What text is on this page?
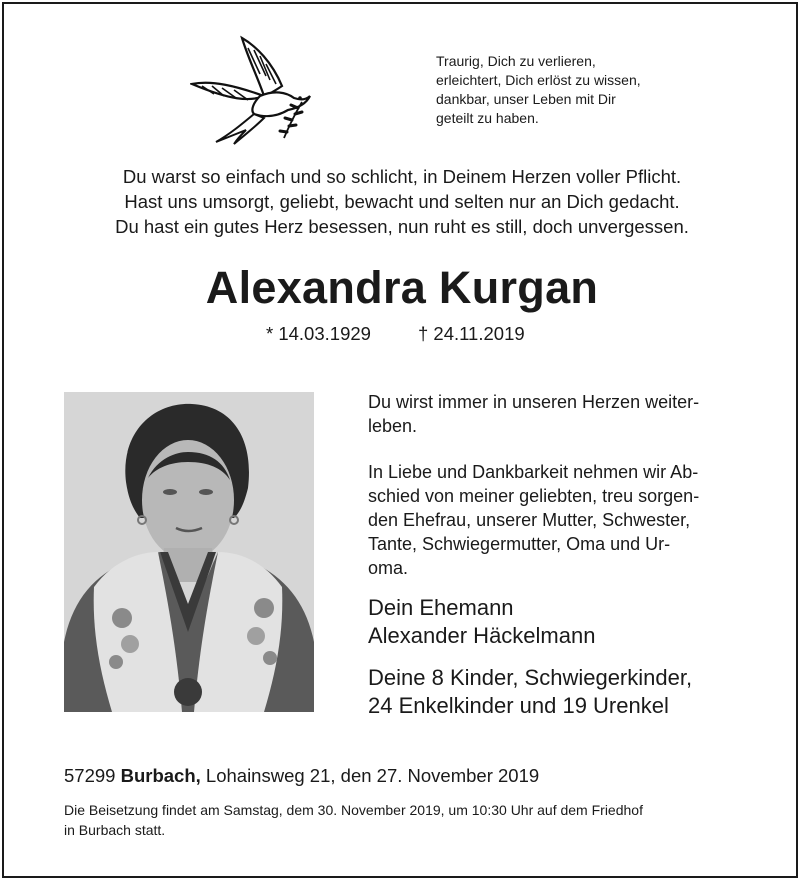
Traurig, Dich zu verlieren,
erleichtert, Dich erlöst zu wissen,
dankbar, unser Leben mit Dir
geteilt zu haben.
Du warst so einfach und so schlicht, in Deinem Herzen voller Pflicht.
Hast uns umsorgt, geliebt, bewacht und selten nur an Dich gedacht.
Du hast ein gutes Herz besessen, nun ruht es still, doch unvergessen.
Alexandra Kurgan
* 14.03.1929	† 24.11.2019
Du wirst immer in unseren Herzen weiter-
leben.
In Liebe und Dankbarkeit nehmen wir Ab-
schied von meiner geliebten, treu sorgen-
den Ehefrau, unserer Mutter, Schwester,
Tante, Schwiegermutter, Oma und Ur-
oma.
Dein Ehemann
Alexander Häckelmann
Deine 8 Kinder, Schwiegerkinder,
24 Enkelkinder und 19 Urenkel
57299 Burbach, Lohainsweg 21, den 27. November 2019
Die Beisetzung findet am Samstag, dem 30. November 2019, um 10:30 Uhr auf dem Friedhof
in Burbach statt.
